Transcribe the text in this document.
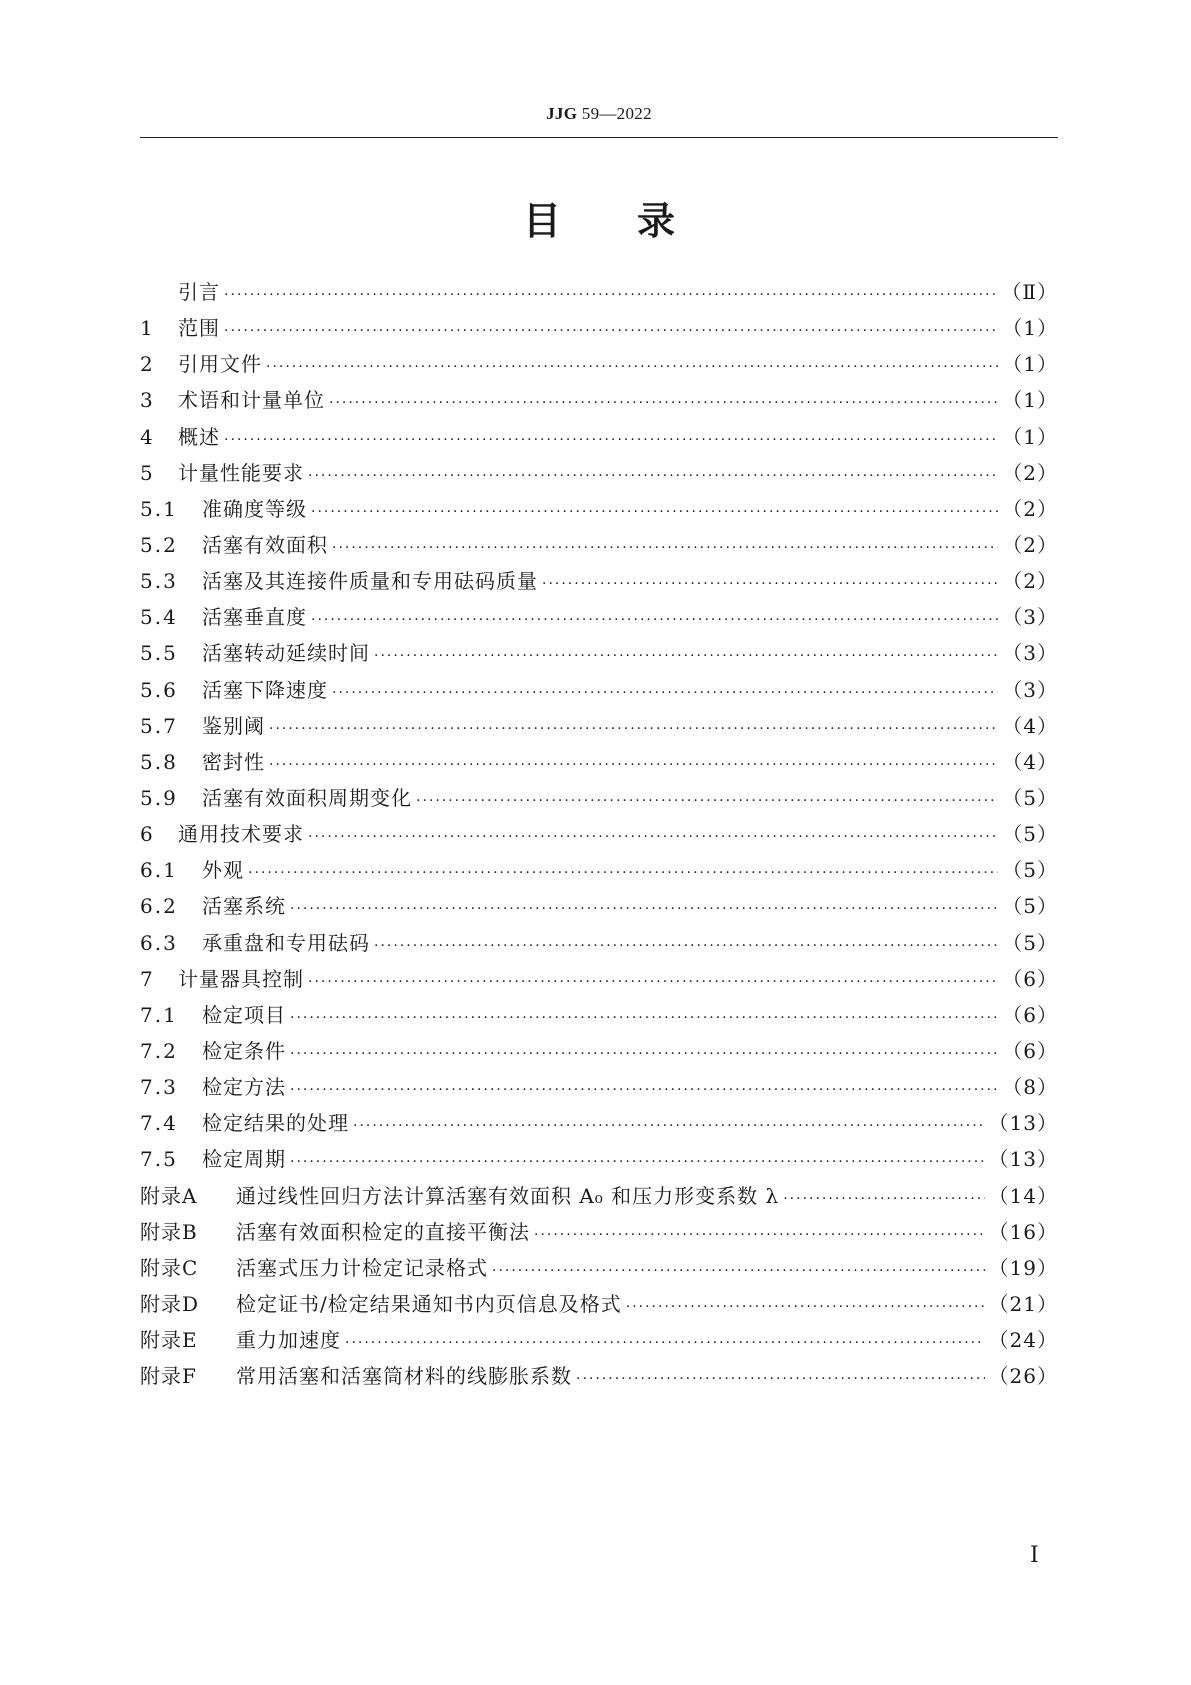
JJG 59—2022
目　　录
引言 ·····	（Ⅱ）
1	范围 ·····	（1）
2	引用文件 ·····	（1）
3	术语和计量单位 ·····	（1）
4	概述 ·····	（1）
5	计量性能要求 ·····	（2）
5.1	准确度等级 ·····	（2）
5.2	活塞有效面积 ·····	（2）
5.3	活塞及其连接件质量和专用砝码质量 ·····	（2）
5.4	活塞垂直度 ·····	（3）
5.5	活塞转动延续时间 ·····	（3）
5.6	活塞下降速度 ·····	（3）
5.7	鉴别阈 ·····	（4）
5.8	密封性 ·····	（4）
5.9	活塞有效面积周期变化 ·····	（5）
6	通用技术要求 ·····	（5）
6.1	外观 ·····	（5）
6.2	活塞系统 ·····	（5）
6.3	承重盘和专用砝码 ·····	（5）
7	计量器具控制 ·····	（6）
7.1	检定项目 ·····	（6）
7.2	检定条件 ·····	（6）
7.3	检定方法 ·····	（8）
7.4	检定结果的处理 ·····	（13）
7.5	检定周期 ·····	（13）
附录A	通过线性回归方法计算活塞有效面积 A₀ 和压力形变系数 λ ·····	（14）
附录B	活塞有效面积检定的直接平衡法 ·····	（16）
附录C	活塞式压力计检定记录格式 ·····	（19）
附录D	检定证书/检定结果通知书内页信息及格式 ·····	（21）
附录E	重力加速度 ·····	（24）
附录F	常用活塞和活塞筒材料的线膨胀系数 ·····	（26）
Ⅰ
